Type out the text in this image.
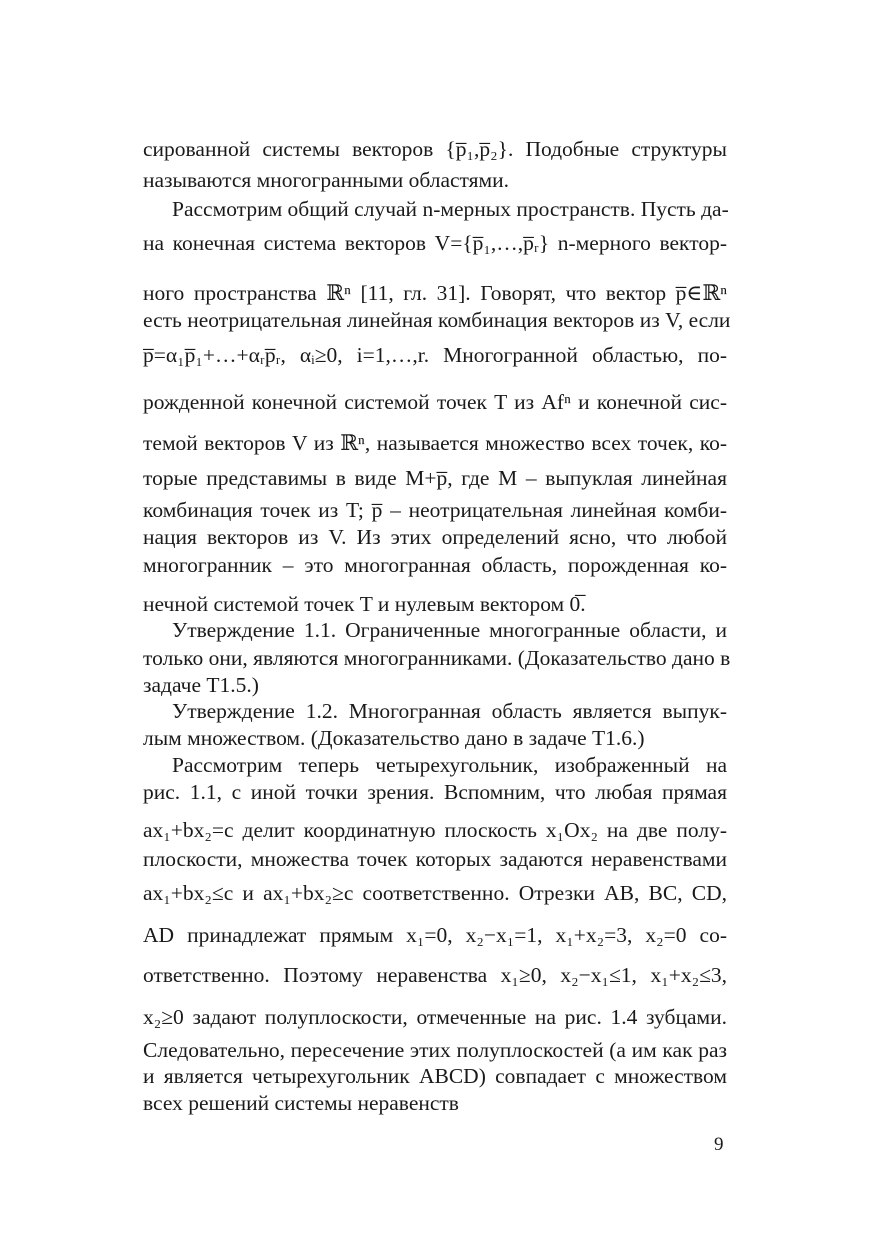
сированной системы векторов {p̅₁,p̅₂}. Подобные структуры
называются многогранными областями.
Рассмотрим общий случай n-мерных пространств. Пусть да-
на конечная система векторов V={p̅₁,…,p̅ᵣ} n-мерного вектор-
ного пространства ℝⁿ [11, гл. 31]. Говорят, что вектор p̅∈ℝⁿ
есть неотрицательная линейная комбинация векторов из V, если
p̅=α₁p̅₁+…+αᵣp̅ᵣ, αᵢ≥0, i=1,…,r. Многогранной областью, по-
рожденной конечной системой точек T из Afⁿ и конечной сис-
темой векторов V из ℝⁿ, называется множество всех точек, ко-
торые представимы в виде M+p̅, где M – выпуклая линейная
комбинация точек из T; p̅ – неотрицательная линейная комби-
нация векторов из V. Из этих определений ясно, что любой
многогранник – это многогранная область, порожденная ко-
нечной системой точек T и нулевым вектором 0̅.
Утверждение 1.1. Ограниченные многогранные области, и
только они, являются многогранниками. (Доказательство дано в
задаче Т1.5.)
Утверждение 1.2. Многогранная область является выпук-
лым множеством. (Доказательство дано в задаче Т1.6.)
Рассмотрим теперь четырехугольник, изображенный на
рис. 1.1, с иной точки зрения. Вспомним, что любая прямая
ax₁+bx₂=c делит координатную плоскость x₁Ox₂ на две полу-
плоскости, множества точек которых задаются неравенствами
ax₁+bx₂≤c и ax₁+bx₂≥c соответственно. Отрезки AB, BC, CD,
AD принадлежат прямым x₁=0, x₂−x₁=1, x₁+x₂=3, x₂=0 со-
ответственно. Поэтому неравенства x₁≥0, x₂−x₁≤1, x₁+x₂≤3,
x₂≥0 задают полуплоскости, отмеченные на рис. 1.4 зубцами.
Следовательно, пересечение этих полуплоскостей (а им как раз
и является четырехугольник ABCD) совпадает с множеством
всех решений системы неравенств
9
